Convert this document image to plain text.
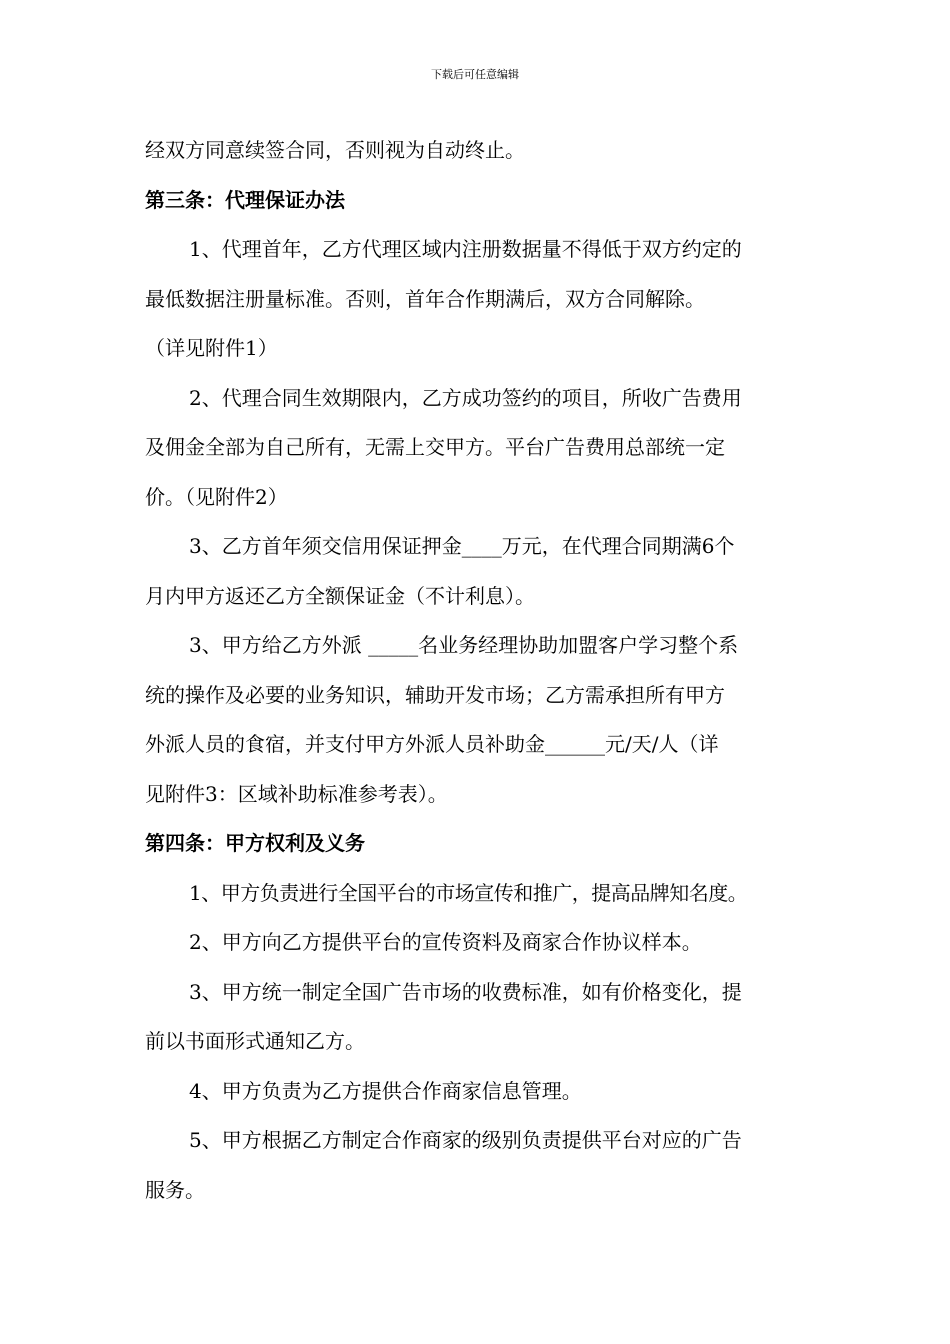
下载后可任意编辑
经双方同意续签合同，否则视为自动终止。
第三条：代理保证办法
1、代理首年，乙方代理区域内注册数据量不得低于双方约定的
最低数据注册量标准。否则，首年合作期满后，双方合同解除。
（详见附件1）
2、代理合同生效期限内，乙方成功签约的项目，所收广告费用
及佣金全部为自己所有，无需上交甲方。平台广告费用总部统一定
价。（见附件2）
3、乙方首年须交信用保证押金____万元，在代理合同期满6个
月内甲方返还乙方全额保证金（不计利息）。
3、甲方给乙方外派 _____名业务经理协助加盟客户学习整个系
统的操作及必要的业务知识，辅助开发市场；乙方需承担所有甲方
外派人员的食宿，并支付甲方外派人员补助金______元/天/人（详
见附件3：区域补助标准参考表）。
第四条：甲方权利及义务
1、甲方负责进行全国平台的市场宣传和推广，提高品牌知名度。
2、甲方向乙方提供平台的宣传资料及商家合作协议样本。
3、甲方统一制定全国广告市场的收费标准，如有价格变化，提
前以书面形式通知乙方。
4、甲方负责为乙方提供合作商家信息管理。
5、甲方根据乙方制定合作商家的级别负责提供平台对应的广告
服务。
